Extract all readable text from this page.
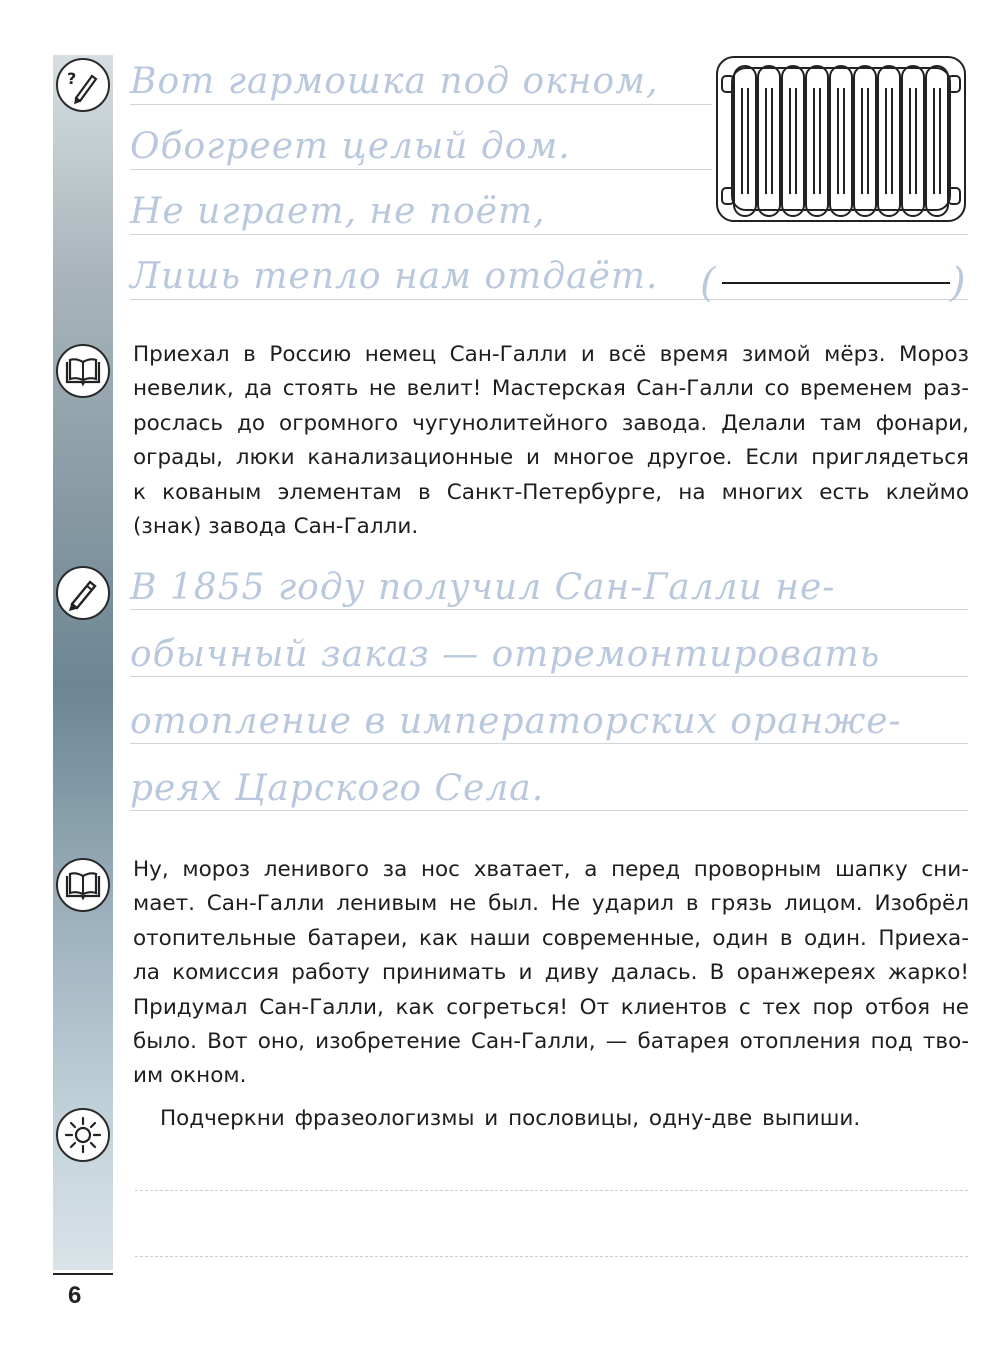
?
6
Вот гармошка под окном,
Обогреет целый дом.
Не играет, не поёт,
Лишь тепло нам отдаёт. (	)
Приехал в Россию немец Сан-Галли и всё время зимой мёрз. Мороз
невелик, да стоять не велит! Мастерская Сан-Галли со временем раз-
рослась до огромного чугунолитейного завода. Делали там фонари,
ограды, люки канализационные и многое другое. Если приглядеться
к кованым элементам в Санкт-Петербурге, на многих есть клеймо
(знак) завода Сан-Галли.
В 1855 году получил Сан-Галли не-
обычный заказ — отремонтировать
отопление в императорских оранже-
реях Царского Села.
Ну, мороз ленивого за нос хватает, а перед проворным шапку сни-
мает. Сан-Галли ленивым не был. Не ударил в грязь лицом. Изобрёл
отопительные батареи, как наши современные, один в один. Приеха-
ла комиссия работу принимать и диву далась. В оранжереях жарко!
Придумал Сан-Галли, как согреться! От клиентов с тех пор отбоя не
было. Вот оно, изобретение Сан-Галли, — батарея отопления под тво-
им окном.
Подчеркни фразеологизмы и пословицы, одну-две выпиши.
